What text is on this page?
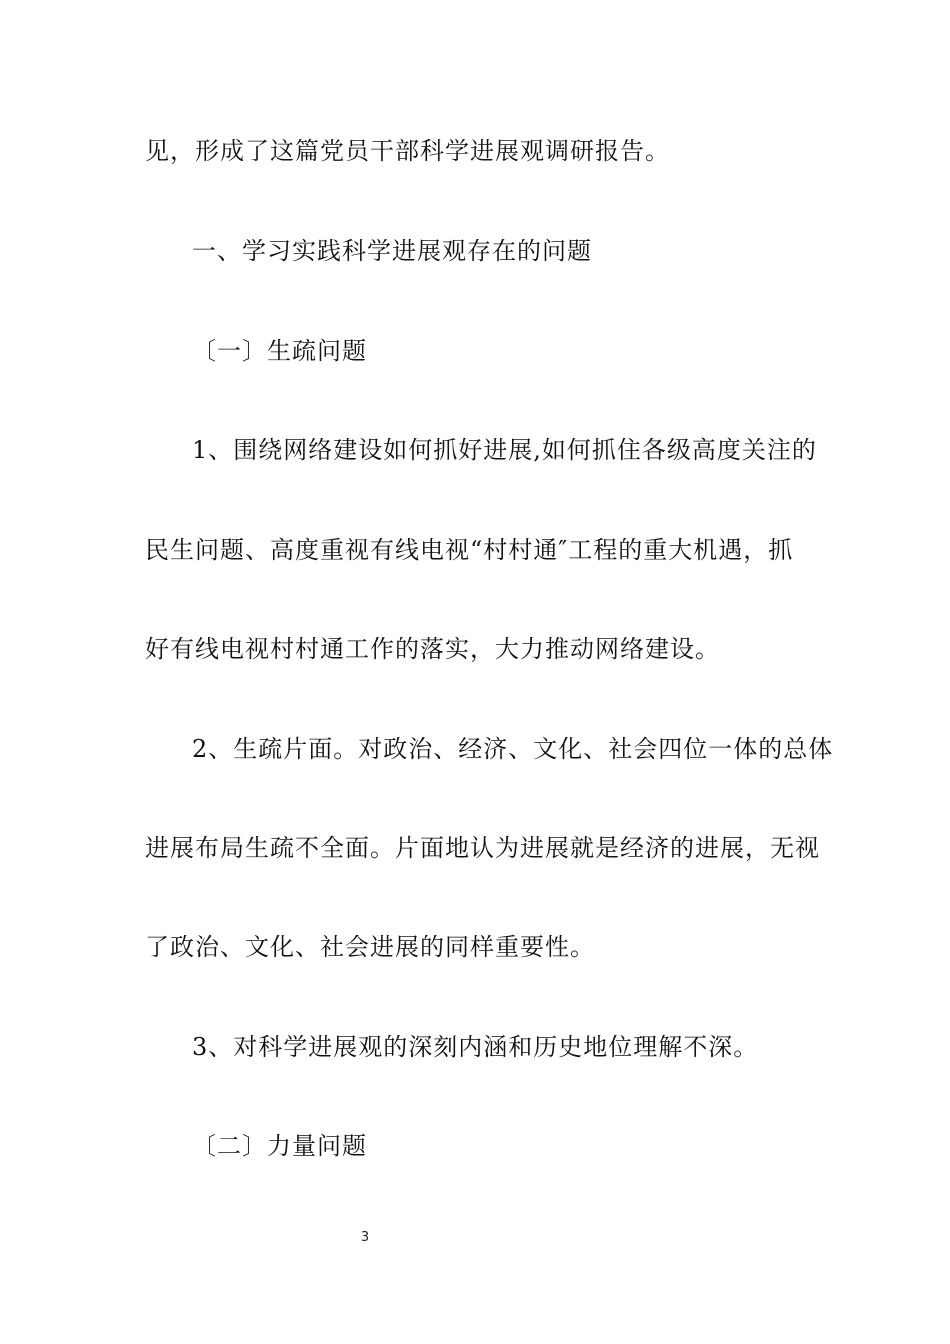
见，形成了这篇党员干部科学进展观调研报告。
一、学习实践科学进展观存在的问题
〔一〕生疏问题
1、围绕网络建设如何抓好进展,如何抓住各级高度关注的
民生问题、高度重视有线电视“村村通″工程的重大机遇，抓
好有线电视村村通工作的落实，大力推动网络建设。
2、生疏片面。对政治、经济、文化、社会四位一体的总体
进展布局生疏不全面。片面地认为进展就是经济的进展，无视
了政治、文化、社会进展的同样重要性。
3、对科学进展观的深刻内涵和历史地位理解不深。
〔二〕力量问题
3
